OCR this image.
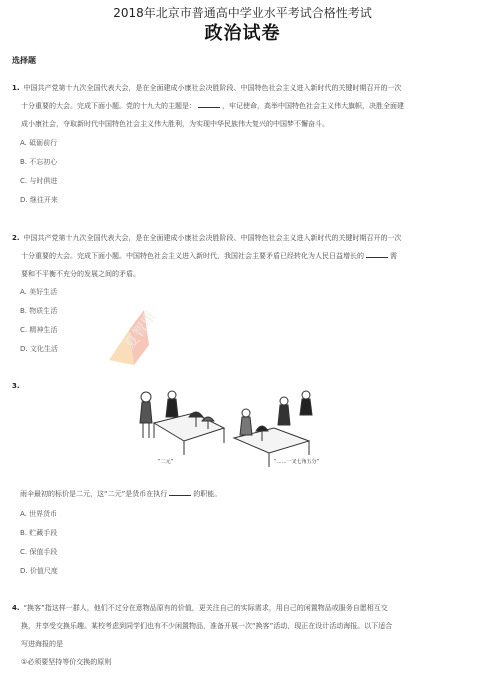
2018年北京市普通高中学业水平考试合格性考试
政治试卷
选择题
1. 中国共产党第十九次全国代表大会，是在全面建成小康社会决胜阶段、中国特色社会主义进入新时代的关键时期召开的一次
十分重要的大会。完成下面小题。党的十九大的主题是：	，牢记使命，高举中国特色社会主义伟大旗帜，决胜全面建
成小康社会，夺取新时代中国特色社会主义伟大胜利，为实现中华民族伟大复兴的中国梦不懈奋斗。
A. 砥砺前行
B. 不忘初心
C. 与时俱进
D. 继往开来
2. 中国共产党第十九次全国代表大会，是在全面建成小康社会决胜阶段、中国特色社会主义进入新时代的关键时期召开的一次
十分重要的大会。完成下面小题。中国特色社会主义进入新时代，我国社会主要矛盾已经转化为人民日益增长的	需
要和不平衡不充分的发展之间的矛盾。
A. 美好生活
B. 物质生活
C. 精神生活
D. 文化生活	夏智康
3.
“二元”	“……一叉七角五分”
雨伞最初的标价是二元，这“二元”是货币在执行	的职能。
A. 世界货币
B. 贮藏手段
C. 保值手段
D. 价值尺度
4. “换客”指这样一群人，他们不过分在意物品原有的价值，更关注自己的实际需求，用自己的闲置物品或服务自愿相互交
换，并享受交换乐趣。某校考虑到同学们也有不少闲置物品，准备开展一次“换客”活动，现正在设计活动海报。以下适合
写进海报的是
①必须要坚持等价交换的原则
